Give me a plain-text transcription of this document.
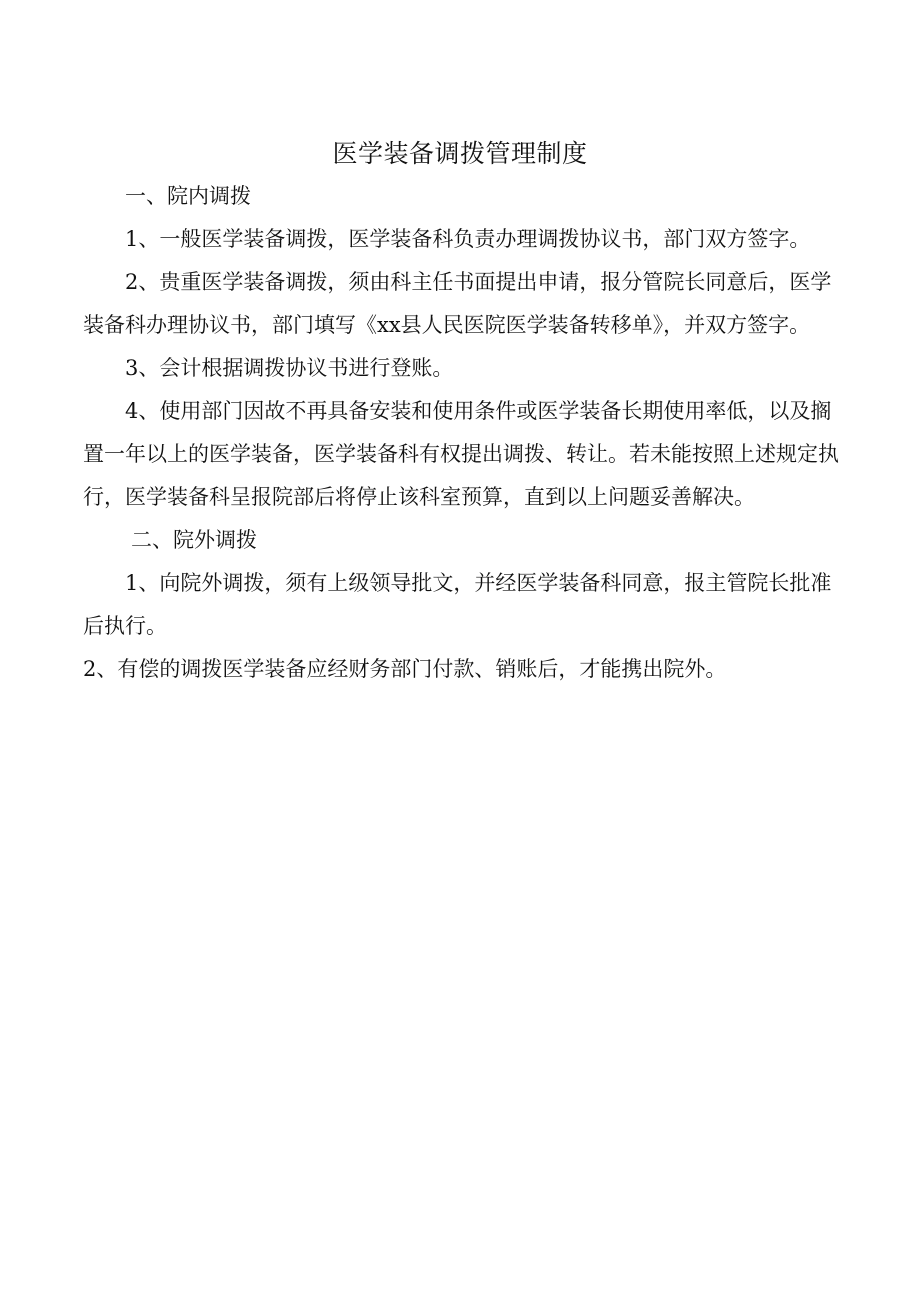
医学装备调拨管理制度

一、院内调拨

1、一般医学装备调拨，医学装备科负责办理调拨协议书，部门双方签字。

2、贵重医学装备调拨，须由科主任书面提出申请，报分管院长同意后，医学装备科办理协议书，部门填写《xx县人民医院医学装备转移单》，并双方签字。

3、会计根据调拨协议书进行登账。

4、使用部门因故不再具备安装和使用条件或医学装备长期使用率低，以及搁置一年以上的医学装备，医学装备科有权提出调拨、转让。若未能按照上述规定执行，医学装备科呈报院部后将停止该科室预算，直到以上问题妥善解决。

二、院外调拨

1、向院外调拨，须有上级领导批文，并经医学装备科同意，报主管院长批准后执行。

2、有偿的调拨医学装备应经财务部门付款、销账后，才能携出院外。
